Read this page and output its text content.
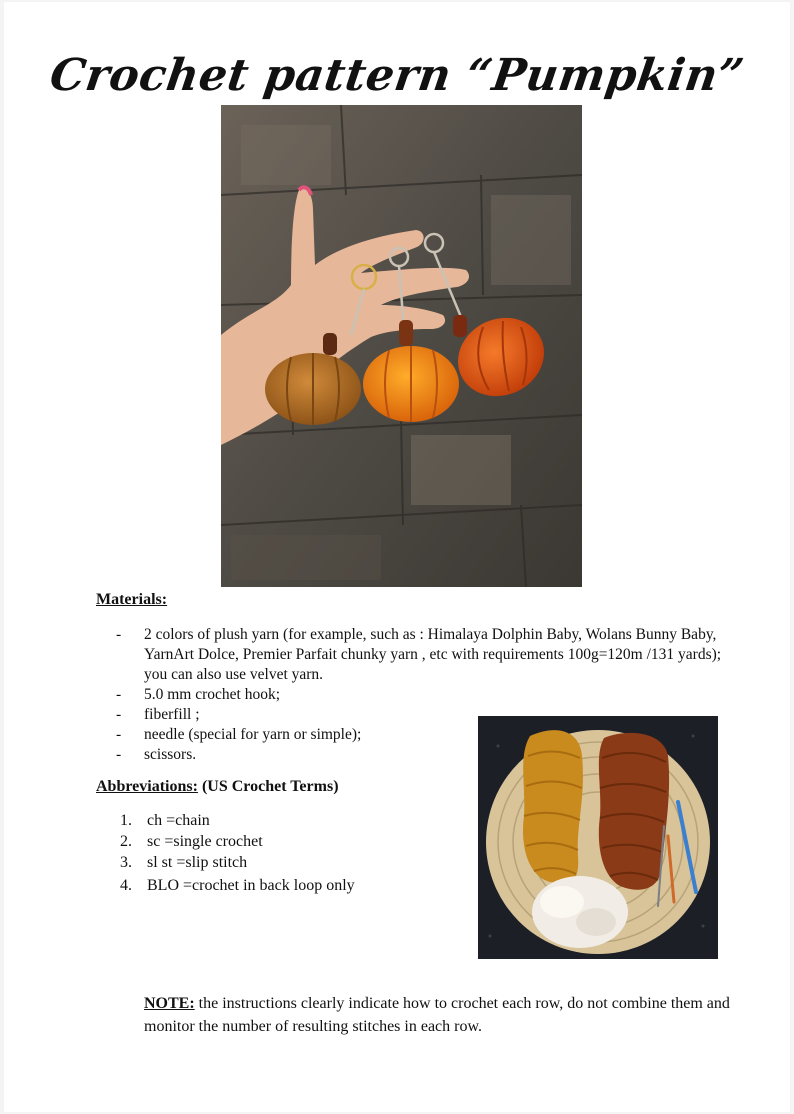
Crochet pattern “Pumpkin”
Materials:
-	2 colors of plush yarn (for example, such as : Himalaya Dolphin Baby, Wolans Bunny Baby, YarnArt Dolce, Premier Parfait chunky yarn , etc with requirements 100g=120m /131 yards); you can also use velvet yarn.
-	5.0 mm crochet hook;
-	fiberfill ;
-	needle (special for yarn or simple);
-	scissors.
Abbreviations: (US Crochet Terms)
1. ch =chain
2. sc =single crochet
3. sl st =slip stitch
4. BLO =crochet in back loop only
NOTE: the instructions clearly indicate how to crochet each row, do not combine them and monitor the number of resulting stitches in each row.
